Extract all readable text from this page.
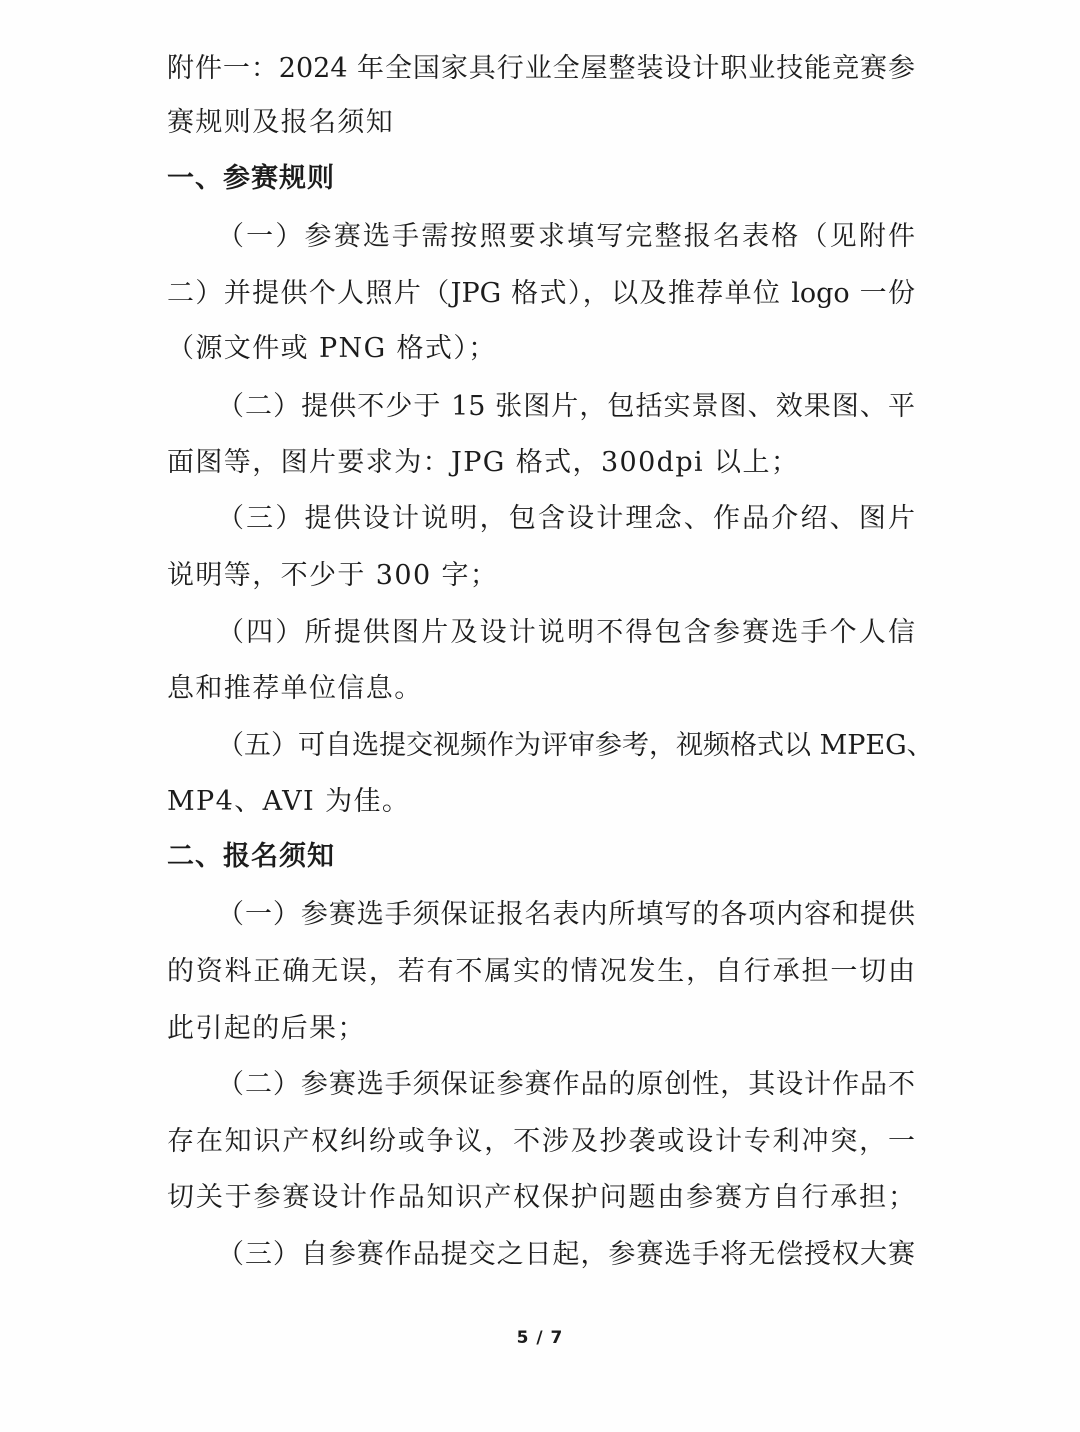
附件一：2024 年全国家具行业全屋整装设计职业技能竞赛参
赛规则及报名须知
一、参赛规则
（一）参赛选手需按照要求填写完整报名表格（见附件
二）并提供个人照片（JPG 格式），以及推荐单位 logo 一份
（源文件或 PNG 格式）；
（二）提供不少于 15 张图片，包括实景图、效果图、平
面图等，图片要求为：JPG 格式，300dpi 以上；
（三）提供设计说明，包含设计理念、作品介绍、图片
说明等，不少于 300 字；
（四）所提供图片及设计说明不得包含参赛选手个人信
息和推荐单位信息。
（五）可自选提交视频作为评审参考，视频格式以 MPEG、
MP4、AVI 为佳。
二、报名须知
（一）参赛选手须保证报名表内所填写的各项内容和提供
的资料正确无误，若有不属实的情况发生，自行承担一切由
此引起的后果；
（二）参赛选手须保证参赛作品的原创性，其设计作品不
存在知识产权纠纷或争议，不涉及抄袭或设计专利冲突，一
切关于参赛设计作品知识产权保护问题由参赛方自行承担；
（三）自参赛作品提交之日起，参赛选手将无偿授权大赛
5 / 7
